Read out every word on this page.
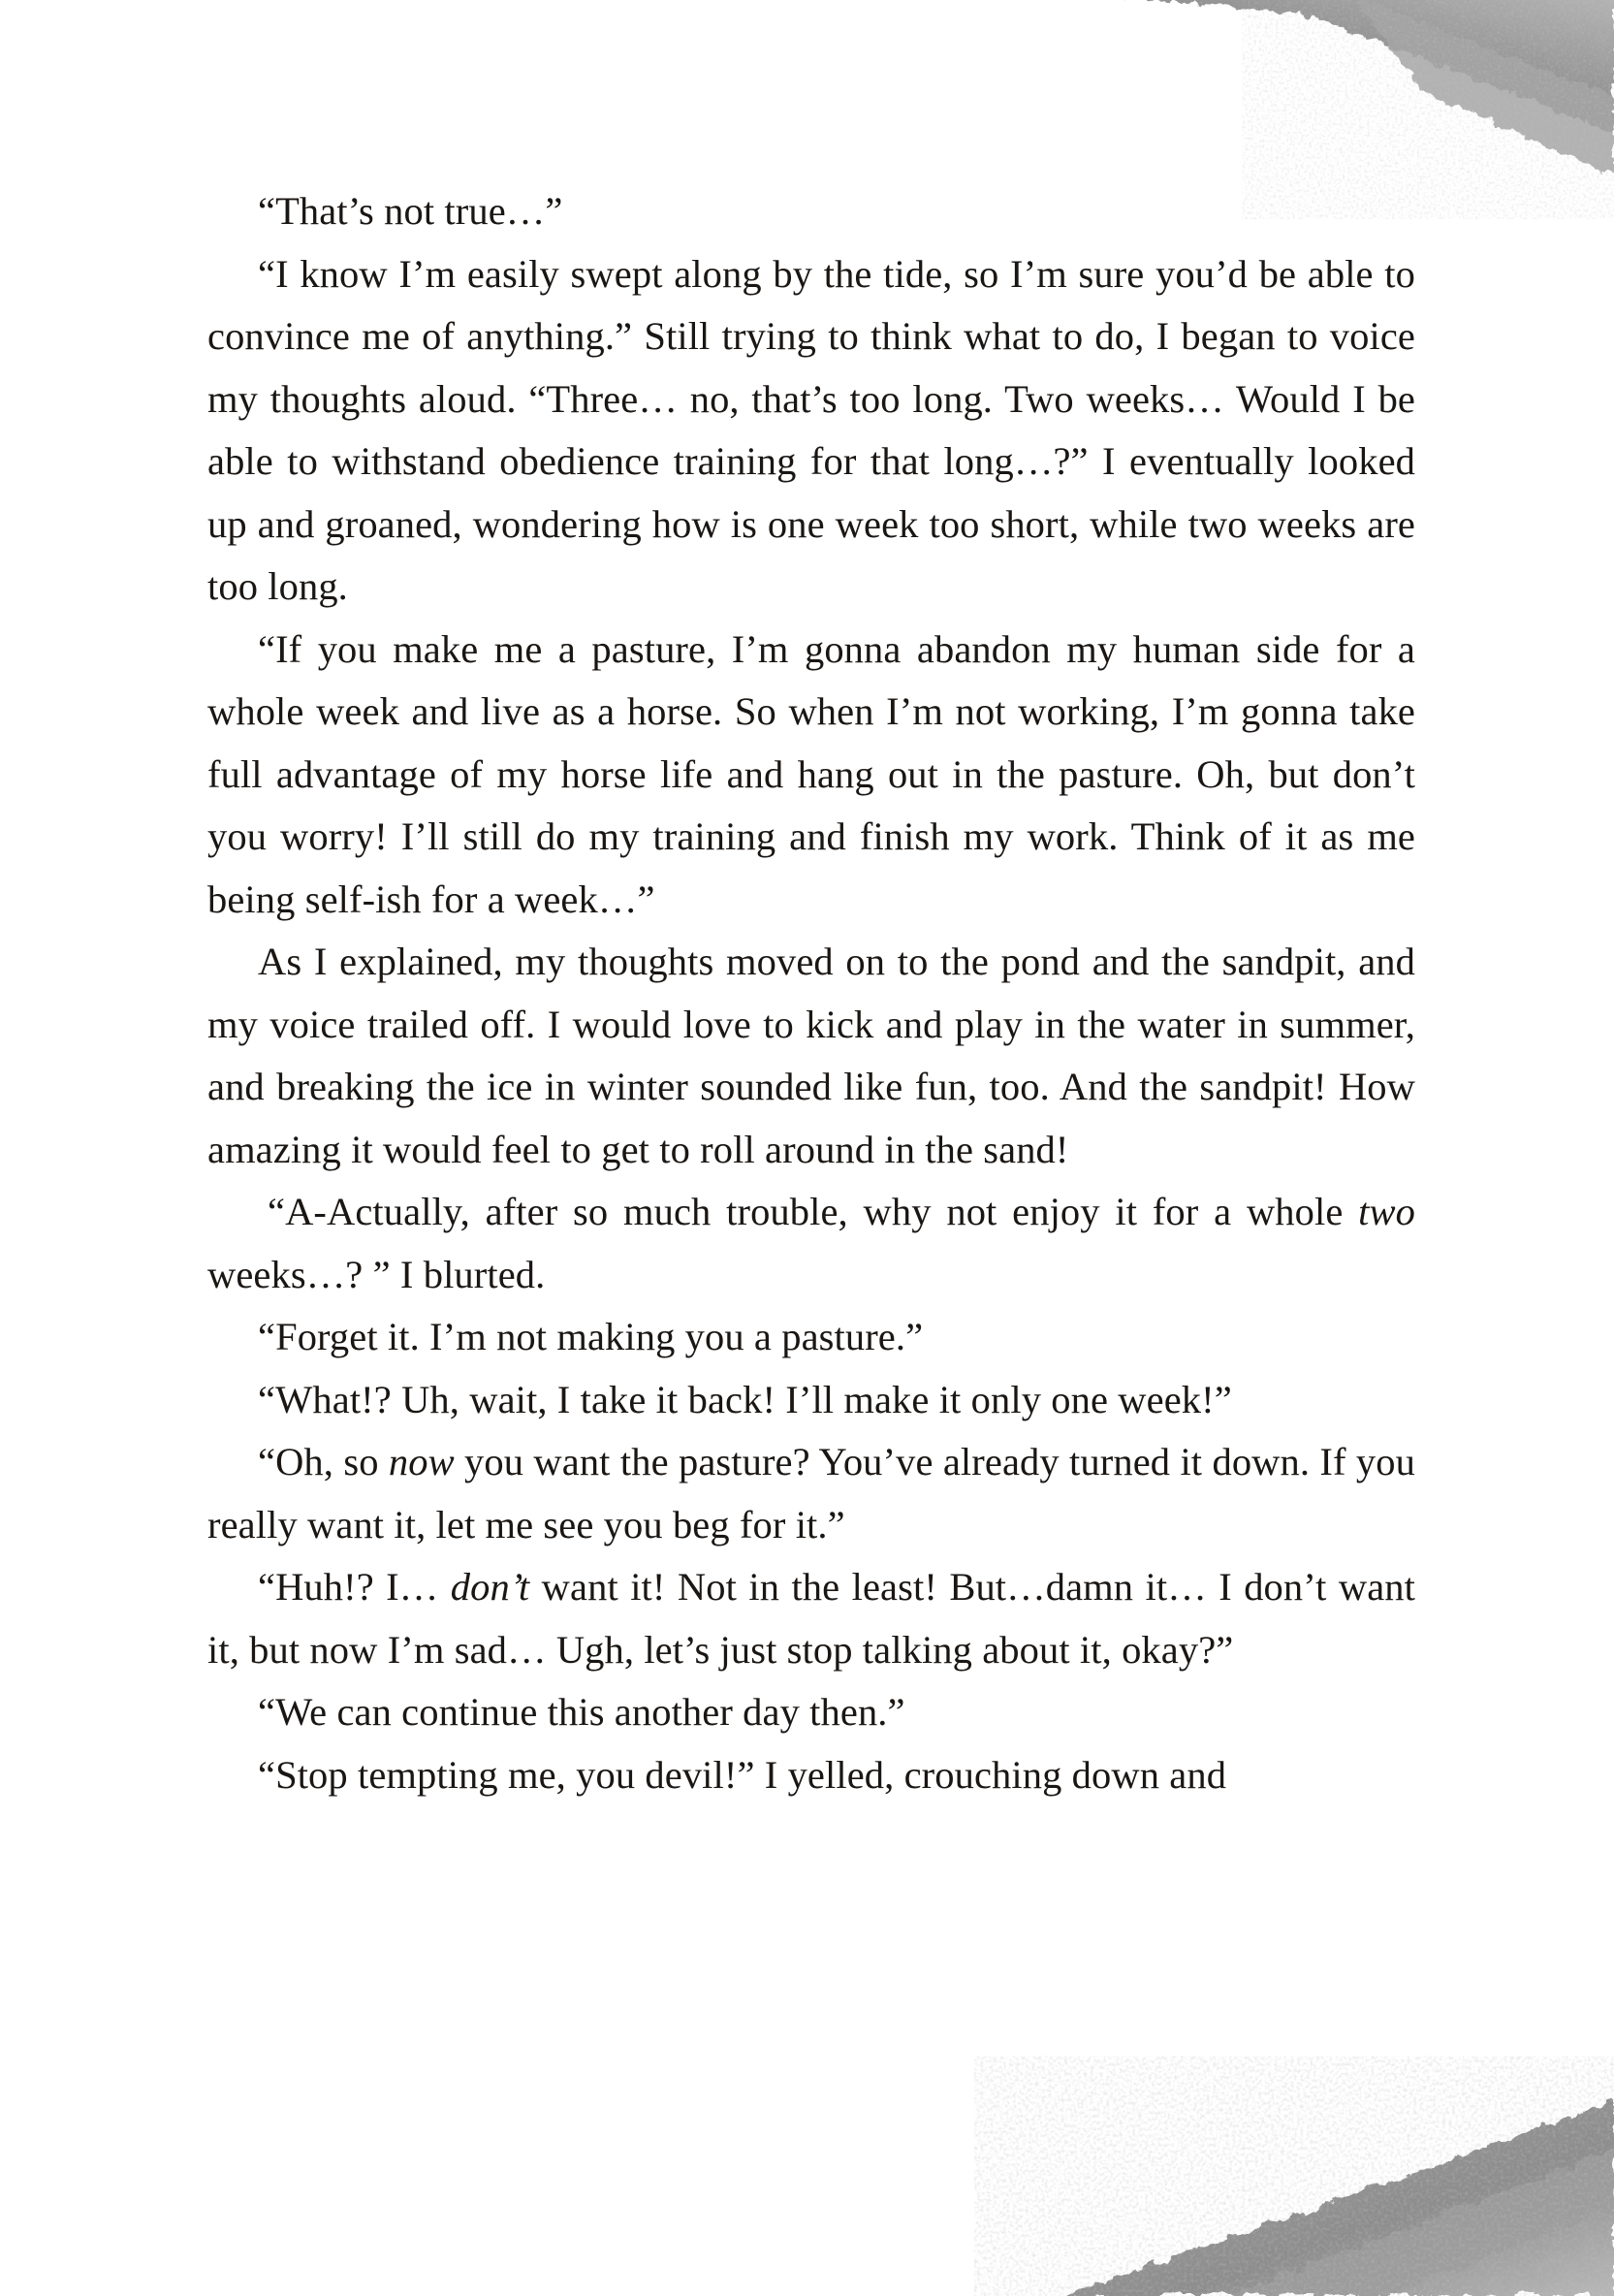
“That’s not true…”

“I know I’m easily swept along by the tide, so I’m sure you’d be able to convince me of anything.” Still trying to think what to do, I began to voice my thoughts aloud. “Three… no, that’s too long. Two weeks… Would I be able to withstand obedience training for that long…?” I eventually looked up and groaned, wondering how is one week too short, while two weeks are too long.

“If you make me a pasture, I’m gonna abandon my human side for a whole week and live as a horse. So when I’m not working, I’m gonna take full advantage of my horse life and hang out in the pasture. Oh, but don’t you worry! I’ll still do my training and finish my work. Think of it as me being self-ish for a week…”

As I explained, my thoughts moved on to the pond and the sandpit, and my voice trailed off. I would love to kick and play in the water in summer, and breaking the ice in winter sounded like fun, too. And the sandpit! How amazing it would feel to get to roll around in the sand!

“A-Actually, after so much trouble, why not enjoy it for a whole two weeks…? ” I blurted.

“Forget it. I’m not making you a pasture.”

“What!? Uh, wait, I take it back! I’ll make it only one week!”

“Oh, so now you want the pasture? You’ve already turned it down. If you really want it, let me see you beg for it.”

“Huh!? I… don’t want it! Not in the least! But…damn it… I don’t want it, but now I’m sad… Ugh, let’s just stop talking about it, okay?”

“We can continue this another day then.”

“Stop tempting me, you devil!” I yelled, crouching down and
